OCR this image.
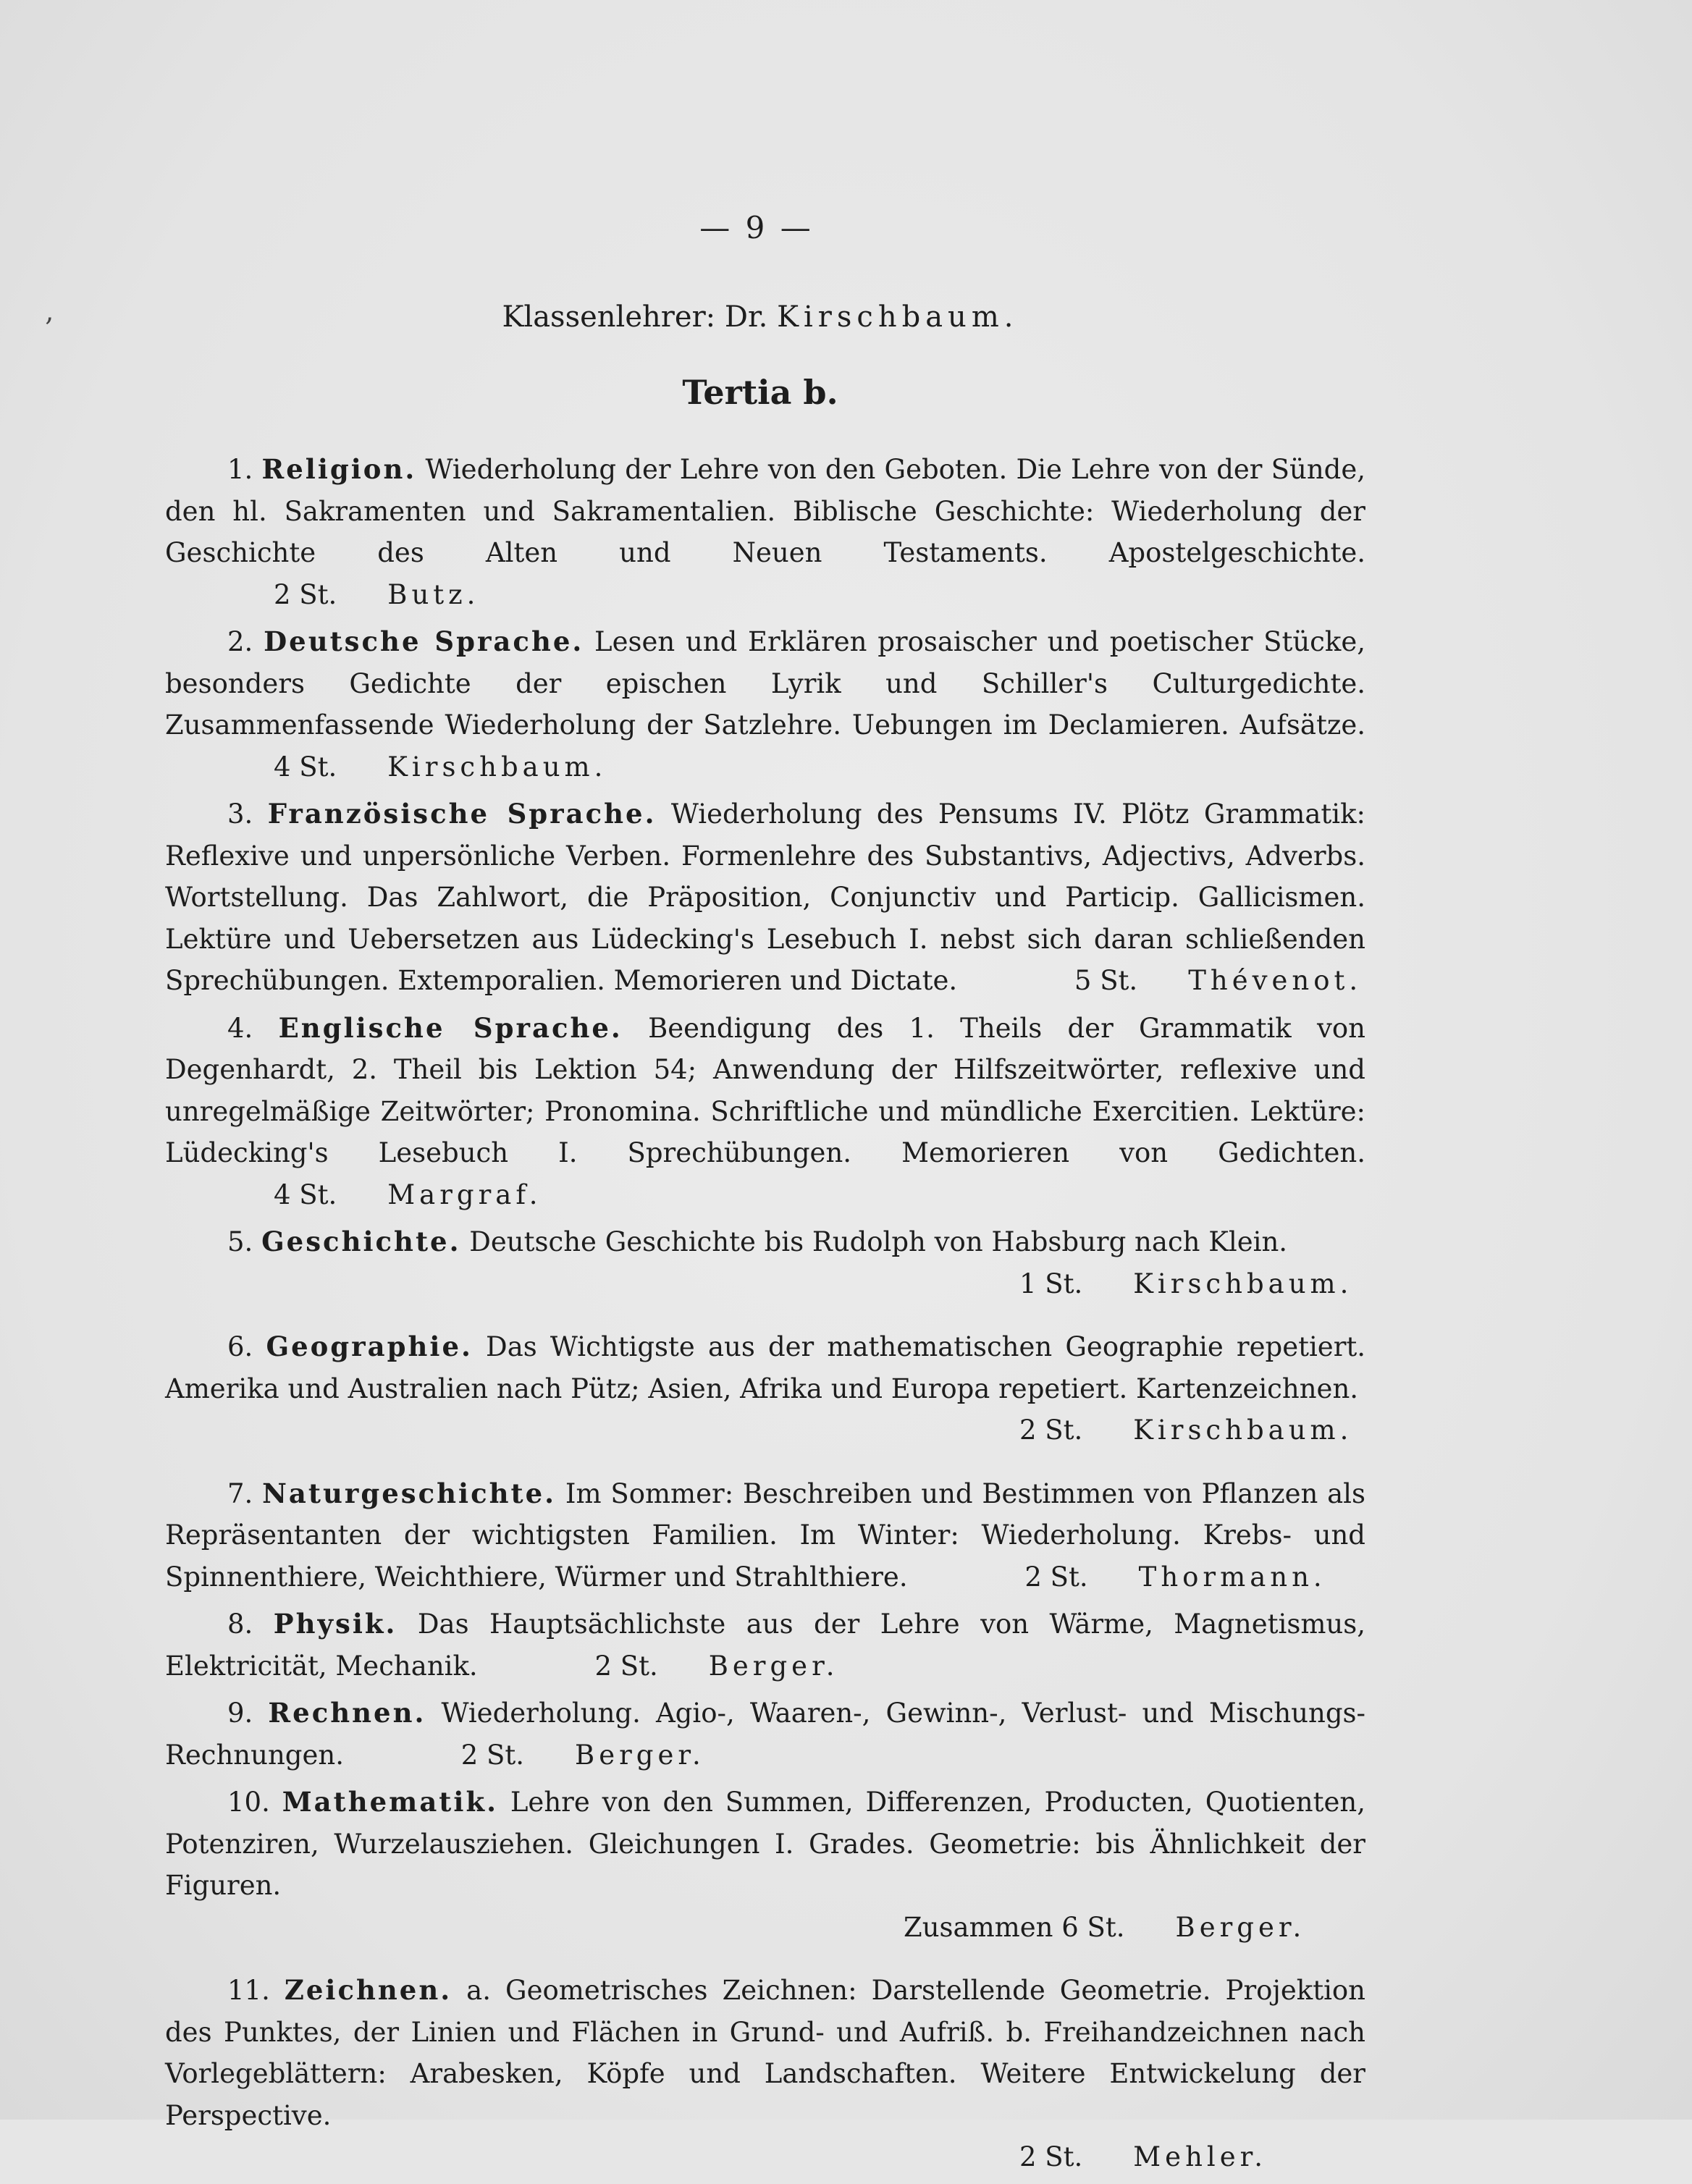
‚
— 9 —
Klassenlehrer: Dr. Kirschbaum.
Tertia b.
1. Religion. Wiederholung der Lehre von den Geboten. Die Lehre von der Sünde, den hl. Sakramenten und Sakramentalien. Biblische Geschichte: Wiederholung der Geschichte des Alten und Neuen Testaments. Apostelgeschichte. 2 St. Butz.
2. Deutsche Sprache. Lesen und Erklären prosaischer und poetischer Stücke, besonders Gedichte der epischen Lyrik und Schiller's Culturgedichte. Zusammenfassende Wiederholung der Satzlehre. Uebungen im Declamieren. Aufsätze. 4 St. Kirschbaum.
3. Französische Sprache. Wiederholung des Pensums IV. Plötz Grammatik: Reflexive und unpersönliche Verben. Formenlehre des Substantivs, Adjectivs, Adverbs. Wortstellung. Das Zahlwort, die Präposition, Conjunctiv und Particip. Gallicismen. Lektüre und Uebersetzen aus Lüdecking's Lesebuch I. nebst sich daran schließenden Sprechübungen. Extemporalien. Memorieren und Dictate.	5 St. Thévenot.
4. Englische Sprache. Beendigung des 1. Theils der Grammatik von Degenhardt, 2. Theil bis Lektion 54; Anwendung der Hilfszeitwörter, reflexive und unregelmäßige Zeitwörter; Pronomina. Schriftliche und mündliche Exercitien. Lektüre: Lüdecking's Lesebuch I. Sprechübungen. Memorieren von Gedichten. 4 St. Margraf.
5. Geschichte. Deutsche Geschichte bis Rudolph von Habsburg nach Klein.
1 St. Kirschbaum.
6. Geographie. Das Wichtigste aus der mathematischen Geographie repetiert. Amerika und Australien nach Pütz; Asien, Afrika und Europa repetiert. Kartenzeichnen.
2 St. Kirschbaum.
7. Naturgeschichte. Im Sommer: Beschreiben und Bestimmen von Pflanzen als Repräsentanten der wichtigsten Familien. Im Winter: Wiederholung. Krebs- und Spinnenthiere, Weichthiere, Würmer und Strahlthiere.	2 St. Thormann.
8. Physik. Das Hauptsächlichste aus der Lehre von Wärme, Magnetismus, Elektricität, Mechanik.	2 St. Berger.
9. Rechnen. Wiederholung. Agio-, Waaren-, Gewinn-, Verlust- und Mischungs-Rechnungen.	2 St. Berger.
10. Mathematik. Lehre von den Summen, Differenzen, Producten, Quotienten, Potenziren, Wurzelausziehen. Gleichungen I. Grades. Geometrie: bis Ähnlichkeit der Figuren.
Zusammen 6 St. Berger.
11. Zeichnen. a. Geometrisches Zeichnen: Darstellende Geometrie. Projektion des Punktes, der Linien und Flächen in Grund- und Aufriß. b. Freihandzeichnen nach Vorlegeblättern: Arabesken, Köpfe und Landschaften. Weitere Entwickelung der Perspective.
2 St. Mehler.
